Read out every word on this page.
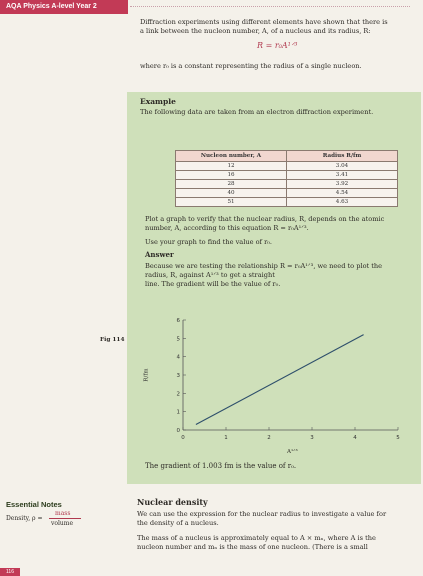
AQA Physics A-level Year 2
Diffraction experiments using different elements have shown that there is
a link between the nucleon number, A, of a nucleus and its radius, R:
R = r₀A¹ᐟ³
where r₀ is a constant representing the radius of a single nucleon.
Example
The following data are taken from an electron diffraction experiment.
Nucleon number, A	Radius R/fm
12	3.04
16	3.41
28	3.92
40	4.54
51	4.63
Plot a graph to verify that the nuclear radius, R, depends on the atomic
number, A, according to this equation R = r₀A¹ᐟ³.
Use your graph to find the value of r₀.
Answer
Because we are testing the relationship R = r₀A¹ᐟ³, we need to plot the
radius, R, against A¹ᐟ³ to get a straight
line. The gradient will be the value of r₀.
Fig 114
0	1	2	3	4	5
0
1
2
3
4
5
6
R/fm
A¹ᐟ³
The gradient of 1.003 fm is the value of r₀.
Essential Notes
Density, ρ =
mass
volume
Nuclear density
We can use the expression for the nuclear radius to investigate a value for
the density of a nucleus.
The mass of a nucleus is approximately equal to A × mₙ, where A is the
nucleon number and mₙ is the mass of one nucleon. (There is a small
116
